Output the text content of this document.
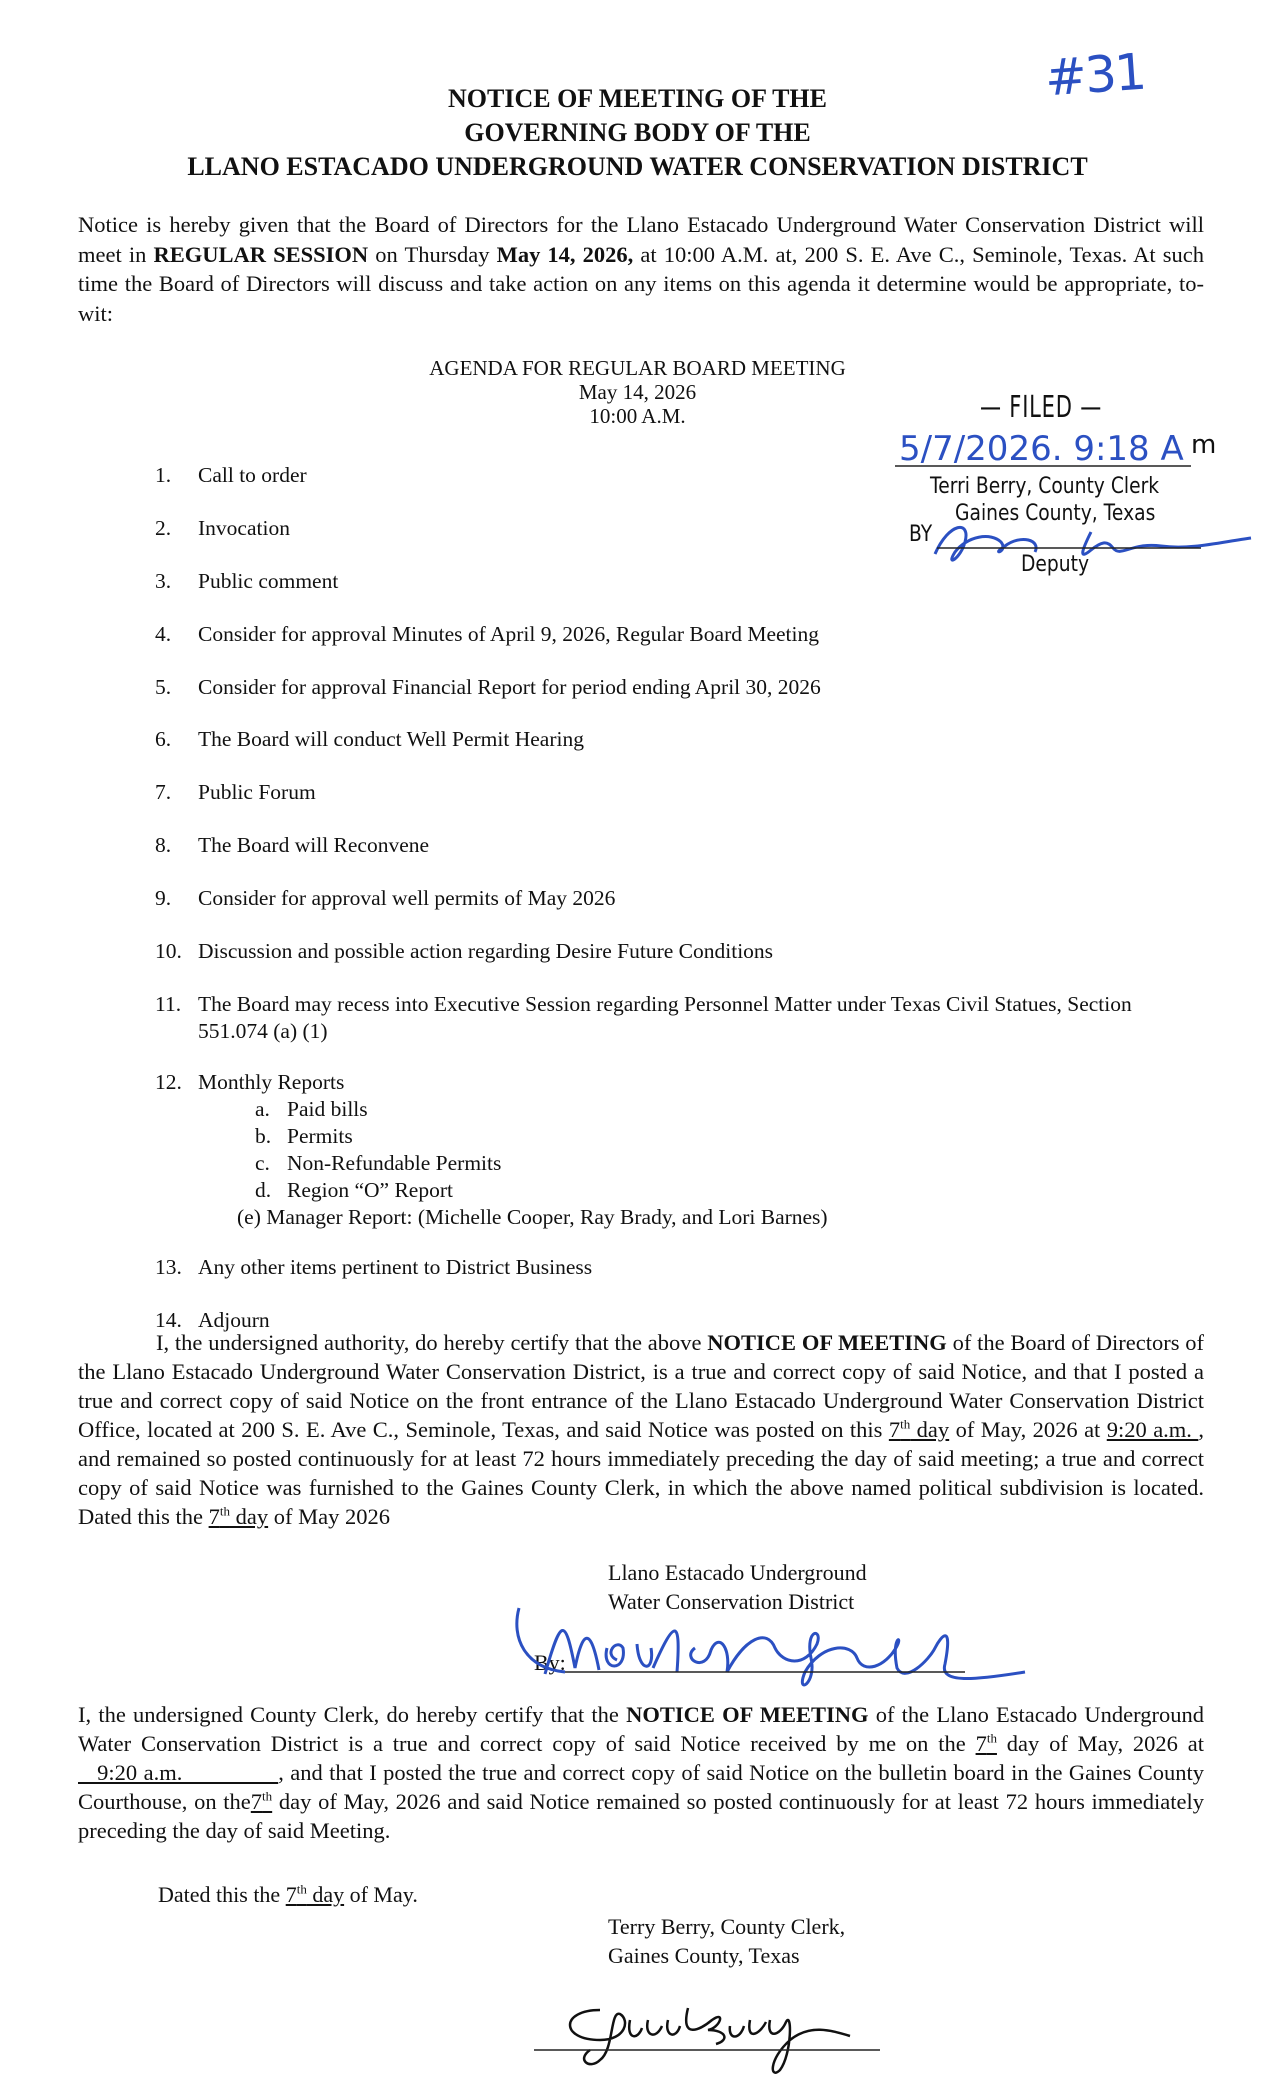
#31
NOTICE OF MEETING OF THE
GOVERNING BODY OF THE
LLANO ESTACADO UNDERGROUND WATER CONSERVATION DISTRICT
Notice is hereby given that the Board of Directors for the Llano Estacado Underground Water Conservation District will meet in REGULAR SESSION on Thursday May 14, 2026, at 10:00 A.M. at, 200 S. E. Ave C., Seminole, Texas. At such time the Board of Directors will discuss and take action on any items on this agenda it determine would be appropriate, to-wit:
AGENDA FOR REGULAR BOARD MEETING
May 14, 2026
10:00 A.M.	— FILED —
5/7/2026. 9:18 A m
Terri Berry, County Clerk
Gaines County, Texas
BY
Deputy
1. Call to order
2. Invocation
3. Public comment
4. Consider for approval Minutes of April 9, 2026, Regular Board Meeting
5. Consider for approval Financial Report for period ending April 30, 2026
6. The Board will conduct Well Permit Hearing
7. Public Forum
8. The Board will Reconvene
9. Consider for approval well permits of May 2026
10. Discussion and possible action regarding Desire Future Conditions
11. The Board may recess into Executive Session regarding Personnel Matter under Texas Civil Statues, Section
551.074 (a) (1)
12. Monthly Reports
a. Paid bills
b. Permits
c. Non-Refundable Permits
d. Region “O” Report
(e) Manager Report: (Michelle Cooper, Ray Brady, and Lori Barnes)
13. Any other items pertinent to District Business
14. Adjourn
I, the undersigned authority, do hereby certify that the above NOTICE OF MEETING of the Board of Directors of the Llano Estacado Underground Water Conservation District, is a true and correct copy of said Notice, and that I posted a true and correct copy of said Notice on the front entrance of the Llano Estacado Underground Water Conservation District Office, located at 200 S. E. Ave C., Seminole, Texas, and said Notice was posted on this 7th day of May, 2026 at 9:20 a.m. , and remained so posted continuously for at least 72 hours immediately preceding the day of said meeting; a true and correct copy of said Notice was furnished to the Gaines County Clerk, in which the above named political subdivision is located. Dated this the 7th day of May 2026
Llano Estacado Underground
Water Conservation District
By:
I, the undersigned County Clerk, do hereby certify that the NOTICE OF MEETING of the Llano Estacado Underground Water Conservation District is a true and correct copy of said Notice received by me on the 7th day of May, 2026 at    9:20 a.m.               , and that I posted the true and correct copy of said Notice on the bulletin board in the Gaines County Courthouse, on the7th day of May, 2026 and said Notice remained so posted continuously for at least 72 hours immediately preceding the day of said Meeting.
Dated this the 7th day of May.
Terry Berry, County Clerk,
Gaines County, Texas
